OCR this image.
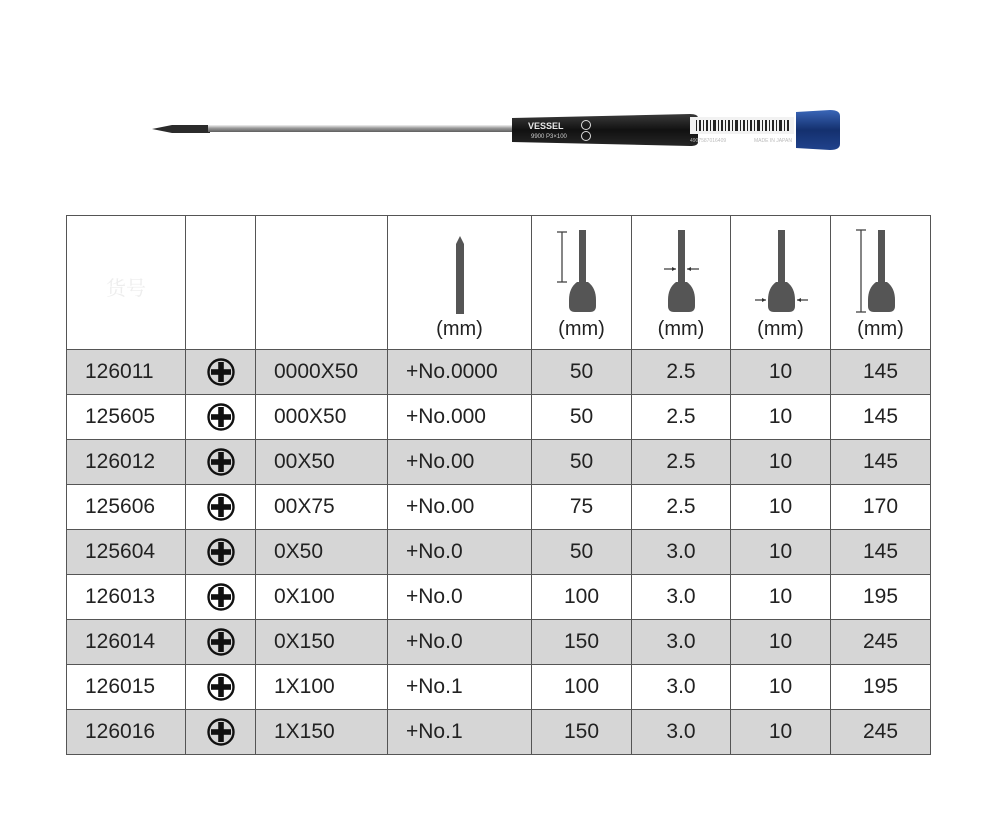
VESSEL
9900 P3×100
4907587016409	MADE IN JAPAN
货号			(mm)	(mm)	(mm)	(mm)	(mm)

126011		0000X50	+No.0000	50	2.5	10	145
125605		000X50	+No.000	50	2.5	10	145
126012		00X50	+No.00	50	2.5	10	145
125606		00X75	+No.00	75	2.5	10	170
125604		0X50	+No.0	50	3.0	10	145
126013		0X100	+No.0	100	3.0	10	195
126014		0X150	+No.0	150	3.0	10	245
126015		1X100	+No.1	100	3.0	10	195
126016		1X150	+No.1	150	3.0	10	245
